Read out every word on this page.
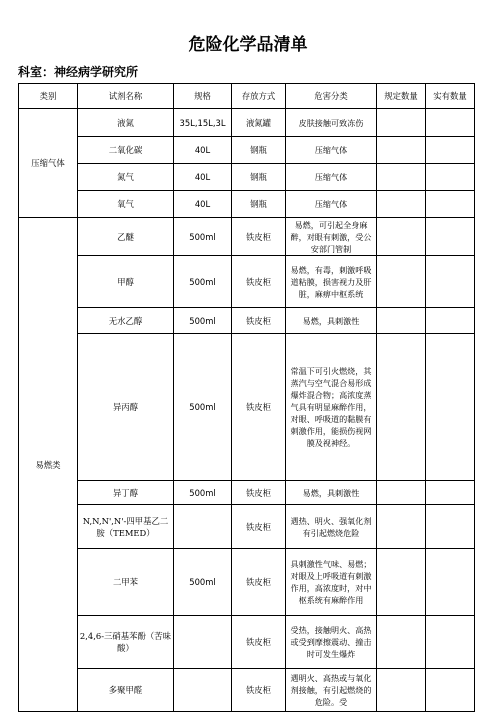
危险化学品清单
科室：神经病学研究所
类别	试剂名称	规格	存放方式	危害分类	规定数量	实有数量
压缩气体	液氮	35L,15L,3L	液氮罐	皮肤接触可致冻伤		
	二氧化碳	40L	钢瓶	压缩气体		
	氮气	40L	钢瓶	压缩气体		
	氧气	40L	钢瓶	压缩气体		
易燃类	乙醚	500ml	铁皮柜	易燃，可引起全身麻醉，对眼有刺激，受公安部门管制		
	甲醇	500ml	铁皮柜	易燃，有毒，刺激呼吸道粘膜，损害视力及肝脏，麻痹中枢系统		
	无水乙醇	500ml	铁皮柜	易燃，具刺激性		
	异丙醇	500ml	铁皮柜	常温下可引火燃烧，其蒸汽与空气混合易形成爆炸混合物；高浓度蒸气具有明显麻醉作用，对眼、呼吸道的黏膜有刺激作用，能损伤视网膜及视神经。		
	异丁醇	500ml	铁皮柜	易燃，具刺激性		
	N,N,N',N'-四甲基乙二胺（TEMED）		铁皮柜	遇热、明火、强氧化剂有引起燃烧危险		
	二甲苯	500ml	铁皮柜	具刺激性气味、易燃；对眼及上呼吸道有刺激作用，高浓度时，对中枢系统有麻醉作用		
	2,4,6-三硝基苯酚（苦味酸）		铁皮柜	受热，接触明火、高热或受到摩擦震动、撞击时可发生爆炸		
	多聚甲醛		铁皮柜	遇明火、高热或与氧化剂接触，有引起燃烧的危险。受		
